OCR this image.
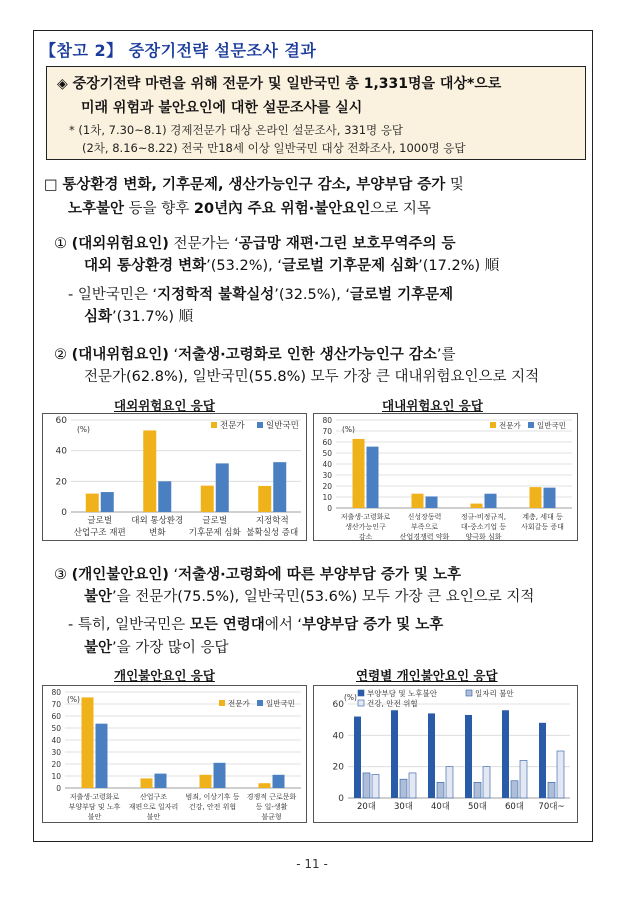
【참고 2】 중장기전략 설문조사 결과
◈ 중장기전략 마련을 위해 전문가 및 일반국민 총 1,331명을 대상*으로
미래 위험과 불안요인에 대한 설문조사를 실시
* (1차, 7.30~8.1) 경제전문가 대상 온라인 설문조사, 331명 응답
(2차, 8.16~8.22) 전국 만18세 이상 일반국민 대상 전화조사, 1000명 응답
□ 통상환경 변화, 기후문제, 생산가능인구 감소, 부양부담 증가 및
노후불안 등을 향후 20년內 주요 위험·불안요인으로 지목
① (대외위험요인) 전문가는 ‘공급망 재편·그린 보호무역주의 등
대외 통상환경 변화’(53.2%), ‘글로벌 기후문제 심화’(17.2%) 順
- 일반국민은 ‘지정학적 불확실성’(32.5%), ‘글로벌 기후문제
심화’(31.7%) 順
② (대내위험요인) ‘저출생·고령화로 인한 생산가능인구 감소’를
전문가(62.8%), 일반국민(55.8%) 모두 가장 큰 대내위험요인으로 지적
대외위험요인 응답	대내위험요인 응답
0
20
40
60
(%)	전문가	일반국민
글로벌
산업구조 재편
대외 통상환경
변화
글로벌
기후문제 심화
지정학적
불확실성 증대
0
10
20
30
40
50
60
70
80
(%)	전문가 일반국민
저출생·고령화로
생산가능인구
감소
신성장동력
부족으로
산업경쟁력 약화
정규-비정규직,
대-중소기업 등
양극화 심화
계층, 세대 등
사회갈등 증대
③ (개인불안요인) ‘저출생·고령화에 따른 부양부담 증가 및 노후
불안’을 전문가(75.5%), 일반국민(53.6%) 모두 가장 큰 요인으로 지적
- 특히, 일반국민은 모든 연령대에서 ‘부양부담 증가 및 노후
불안’을 가장 많이 응답
개인불안요인 응답	연령별 개인불안요인 응답
0
10
20
30
40
50
60
70
80
(%)	전문가 일반국민
저출생·고령화로
부양부담 및 노후
불안
산업구조
재편으로 일자리
불안
범죄, 이상기후 등
건강, 안전 위협
경쟁적 근로문화
등 일-생활
불균형
0
20
40
60
(%) 부양부담 및 노후불안	일자리 불안
건강, 안전 위협
20대 30대 40대 50대 60대 70대~
- 11 -
